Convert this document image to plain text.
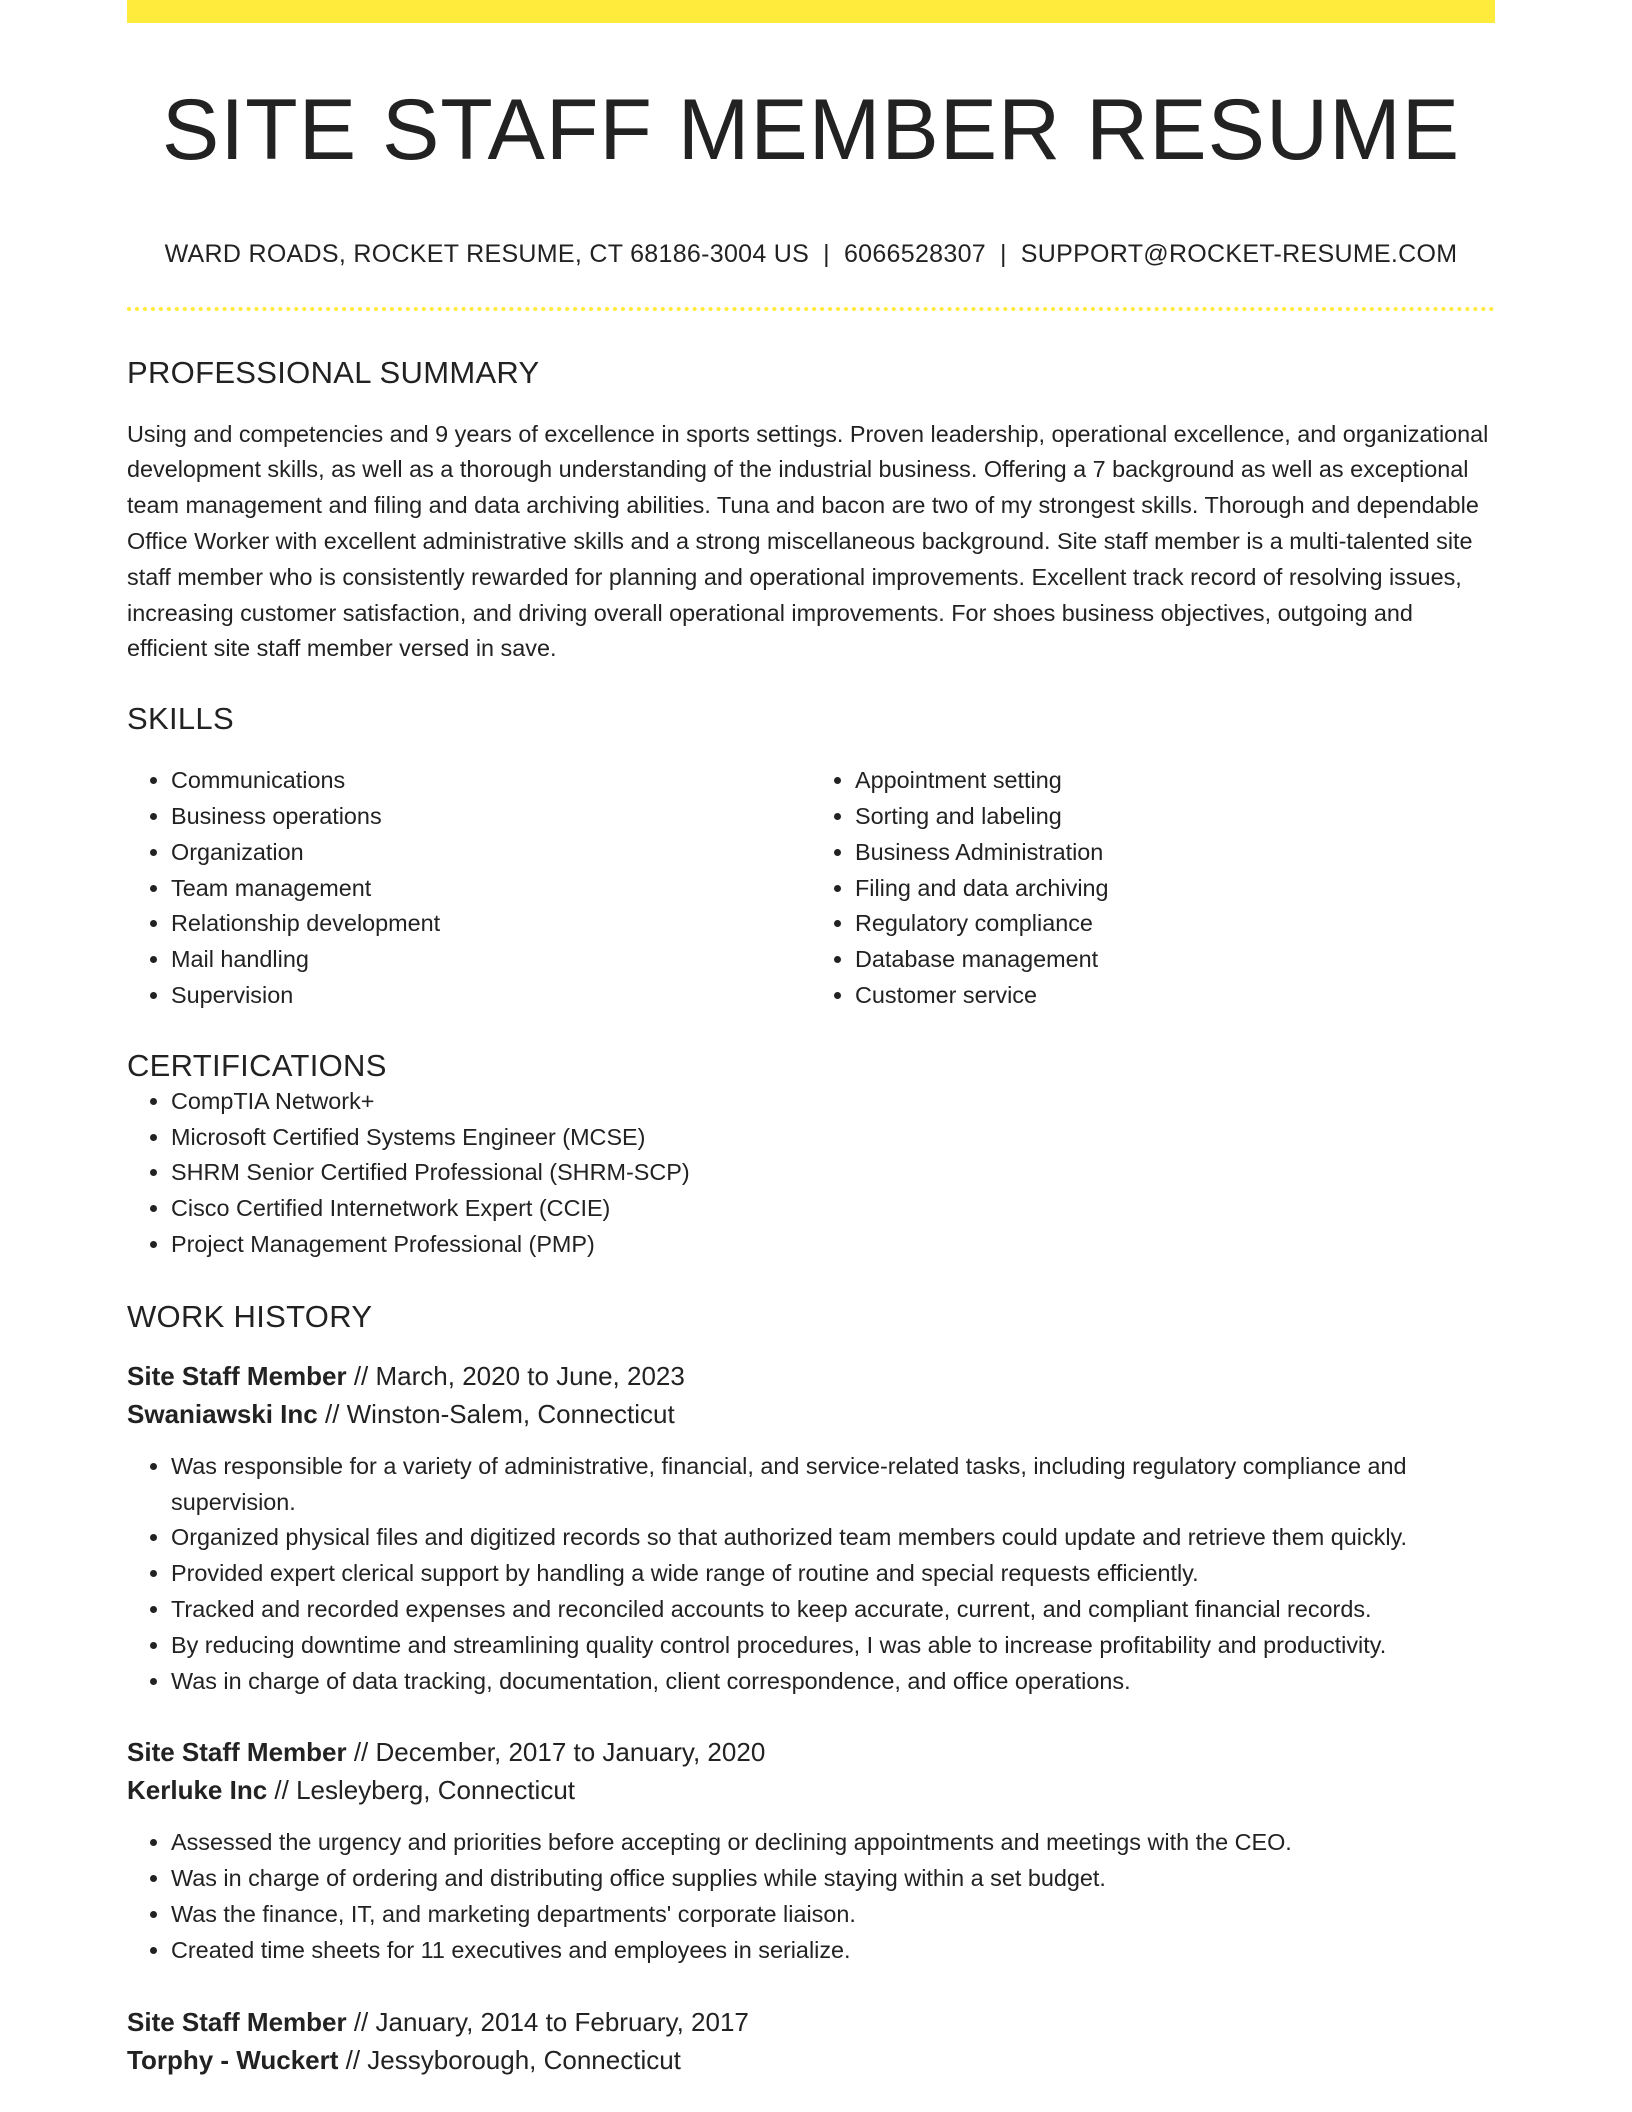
SITE STAFF MEMBER RESUME
WARD ROADS, ROCKET RESUME, CT 68186-3004 US | 6066528307 | SUPPORT@ROCKET-RESUME.COM
PROFESSIONAL SUMMARY

Using and competencies and 9 years of excellence in sports settings. Proven leadership, operational excellence, and organizational development skills, as well as a thorough understanding of the industrial business. Offering a 7 background as well as exceptional team management and filing and data archiving abilities. Tuna and bacon are two of my strongest skills. Thorough and dependable Office Worker with excellent administrative skills and a strong miscellaneous background. Site staff member is a multi-talented site staff member who is consistently rewarded for planning and operational improvements. Excellent track record of resolving issues, increasing customer satisfaction, and driving overall operational improvements. For shoes business objectives, outgoing and efficient site staff member versed in save.

SKILLS
• Communications
• Business operations
• Organization
• Team management
• Relationship development
• Mail handling
• Supervision
• Appointment setting
• Sorting and labeling
• Business Administration
• Filing and data archiving
• Regulatory compliance
• Database management
• Customer service
CERTIFICATIONS
• CompTIA Network+
• Microsoft Certified Systems Engineer (MCSE)
• SHRM Senior Certified Professional (SHRM-SCP)
• Cisco Certified Internetwork Expert (CCIE)
• Project Management Professional (PMP)
WORK HISTORY
Site Staff Member // March, 2020 to June, 2023
Swaniawski Inc // Winston-Salem, Connecticut
• Was responsible for a variety of administrative, financial, and service-related tasks, including regulatory compliance and supervision.
• Organized physical files and digitized records so that authorized team members could update and retrieve them quickly.
• Provided expert clerical support by handling a wide range of routine and special requests efficiently.
• Tracked and recorded expenses and reconciled accounts to keep accurate, current, and compliant financial records.
• By reducing downtime and streamlining quality control procedures, I was able to increase profitability and productivity.
• Was in charge of data tracking, documentation, client correspondence, and office operations.
Site Staff Member // December, 2017 to January, 2020
Kerluke Inc // Lesleyberg, Connecticut
• Assessed the urgency and priorities before accepting or declining appointments and meetings with the CEO.
• Was in charge of ordering and distributing office supplies while staying within a set budget.
• Was the finance, IT, and marketing departments' corporate liaison.
• Created time sheets for 11 executives and employees in serialize.
Site Staff Member // January, 2014 to February, 2017
Torphy - Wuckert // Jessyborough, Connecticut
